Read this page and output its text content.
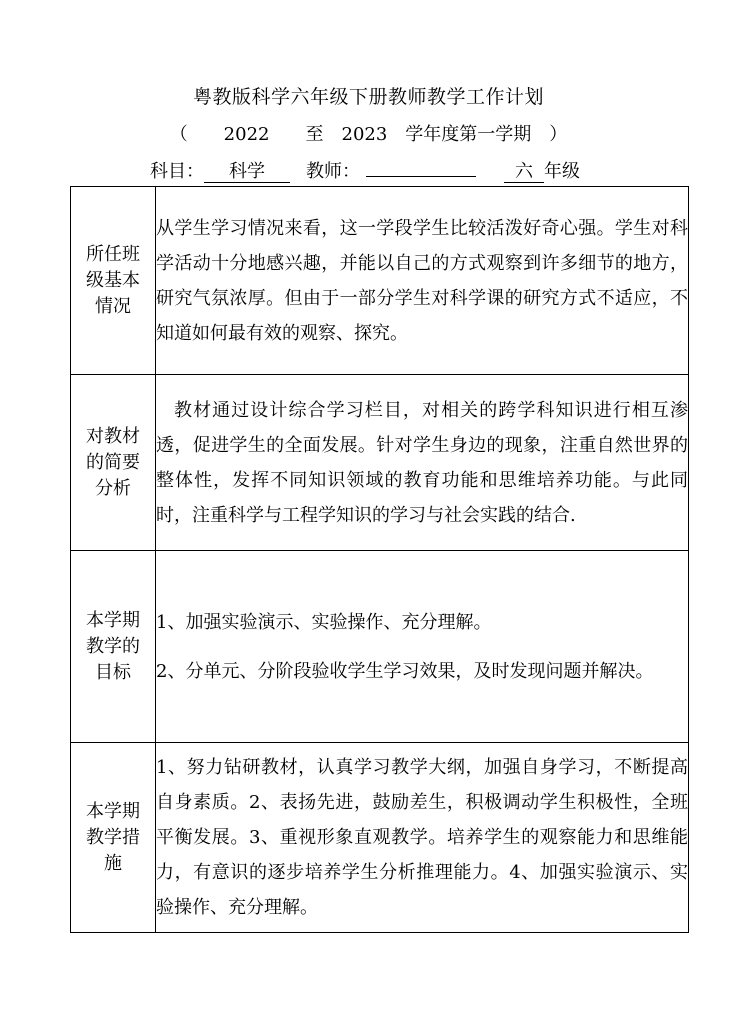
粤教版科学六年级下册教师教学工作计划
（　　2022　　至　2023　学年度第一学期　）
科目： 科学 教师：	六 年级
所任班级基本情况	从学生学习情况来看，这一学段学生比较活泼好奇心强。学生对科学活动十分地感兴趣，并能以自己的方式观察到许多细节的地方，研究气氛浓厚。但由于一部分学生对科学课的研究方式不适应，不知道如何最有效的观察、探究。

对教材的简要分析	教材通过设计综合学习栏目，对相关的跨学科知识进行相互渗透，促进学生的全面发展。针对学生身边的现象，注重自然世界的整体性，发挥不同知识领域的教育功能和思维培养功能。与此同时，注重科学与工程学知识的学习与社会实践的结合.

本学期教学的目标	1、加强实验演示、实验操作、充分理解。

2、分单元、分阶段验收学生学习效果，及时发现问题并解决。

本学期教学措施	1、努力钻研教材，认真学习教学大纲，加强自身学习，不断提高自身素质。2、表扬先进，鼓励差生，积极调动学生积极性，全班平衡发展。3、重视形象直观教学。培养学生的观察能力和思维能力，有意识的逐步培养学生分析推理能力。4、加强实验演示、实验操作、充分理解。
